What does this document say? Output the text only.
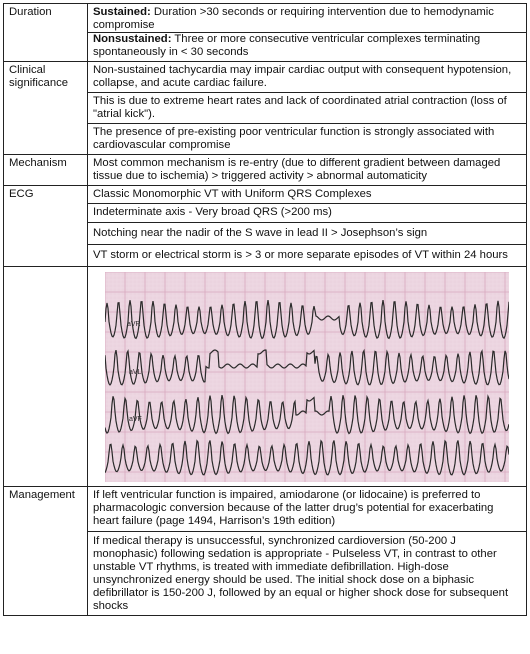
Duration	Sustained: Duration >30 seconds or requiring intervention due to hemodynamic compromise
Nonsustained: Three or more consecutive ventricular complexes terminating spontaneously in < 30 seconds

Clinical significance	Non-sustained tachycardia may impair cardiac output with consequent hypotension, collapse, and acute cardiac failure.
This is due to extreme heart rates and lack of coordinated atrial contraction (loss of "atrial kick").
The presence of pre-existing poor ventricular function is strongly associated with cardiovascular compromise

Mechanism	Most common mechanism is re-entry (due to different gradient between damaged tissue due to ischemia) > triggered activity > abnormal automaticity

ECG	Classic Monomorphic VT with Uniform QRS Complexes
Indeterminate axis - Very broad QRS (>200 ms)
Notching near the nadir of the S wave in lead II > Josephson’s sign
VT storm or electrical storm is > 3 or more separate episodes of VT within 24 hours

aVR
aVL
aVF

Management	If left ventricular function is impaired, amiodarone (or lidocaine) is preferred to pharmacologic conversion because of the latter drug’s potential for exacerbating heart failure (page 1494, Harrison’s 19th edition)
If medical therapy is unsuccessful, synchronized cardioversion (50-200 J monophasic) following sedation is appropriate - Pulseless VT, in contrast to other unstable VT rhythms, is treated with immediate defibrillation. High-dose unsynchronized energy should be used. The initial shock dose on a biphasic defibrillator is 150-200 J, followed by an equal or higher shock dose for subsequent shocks
